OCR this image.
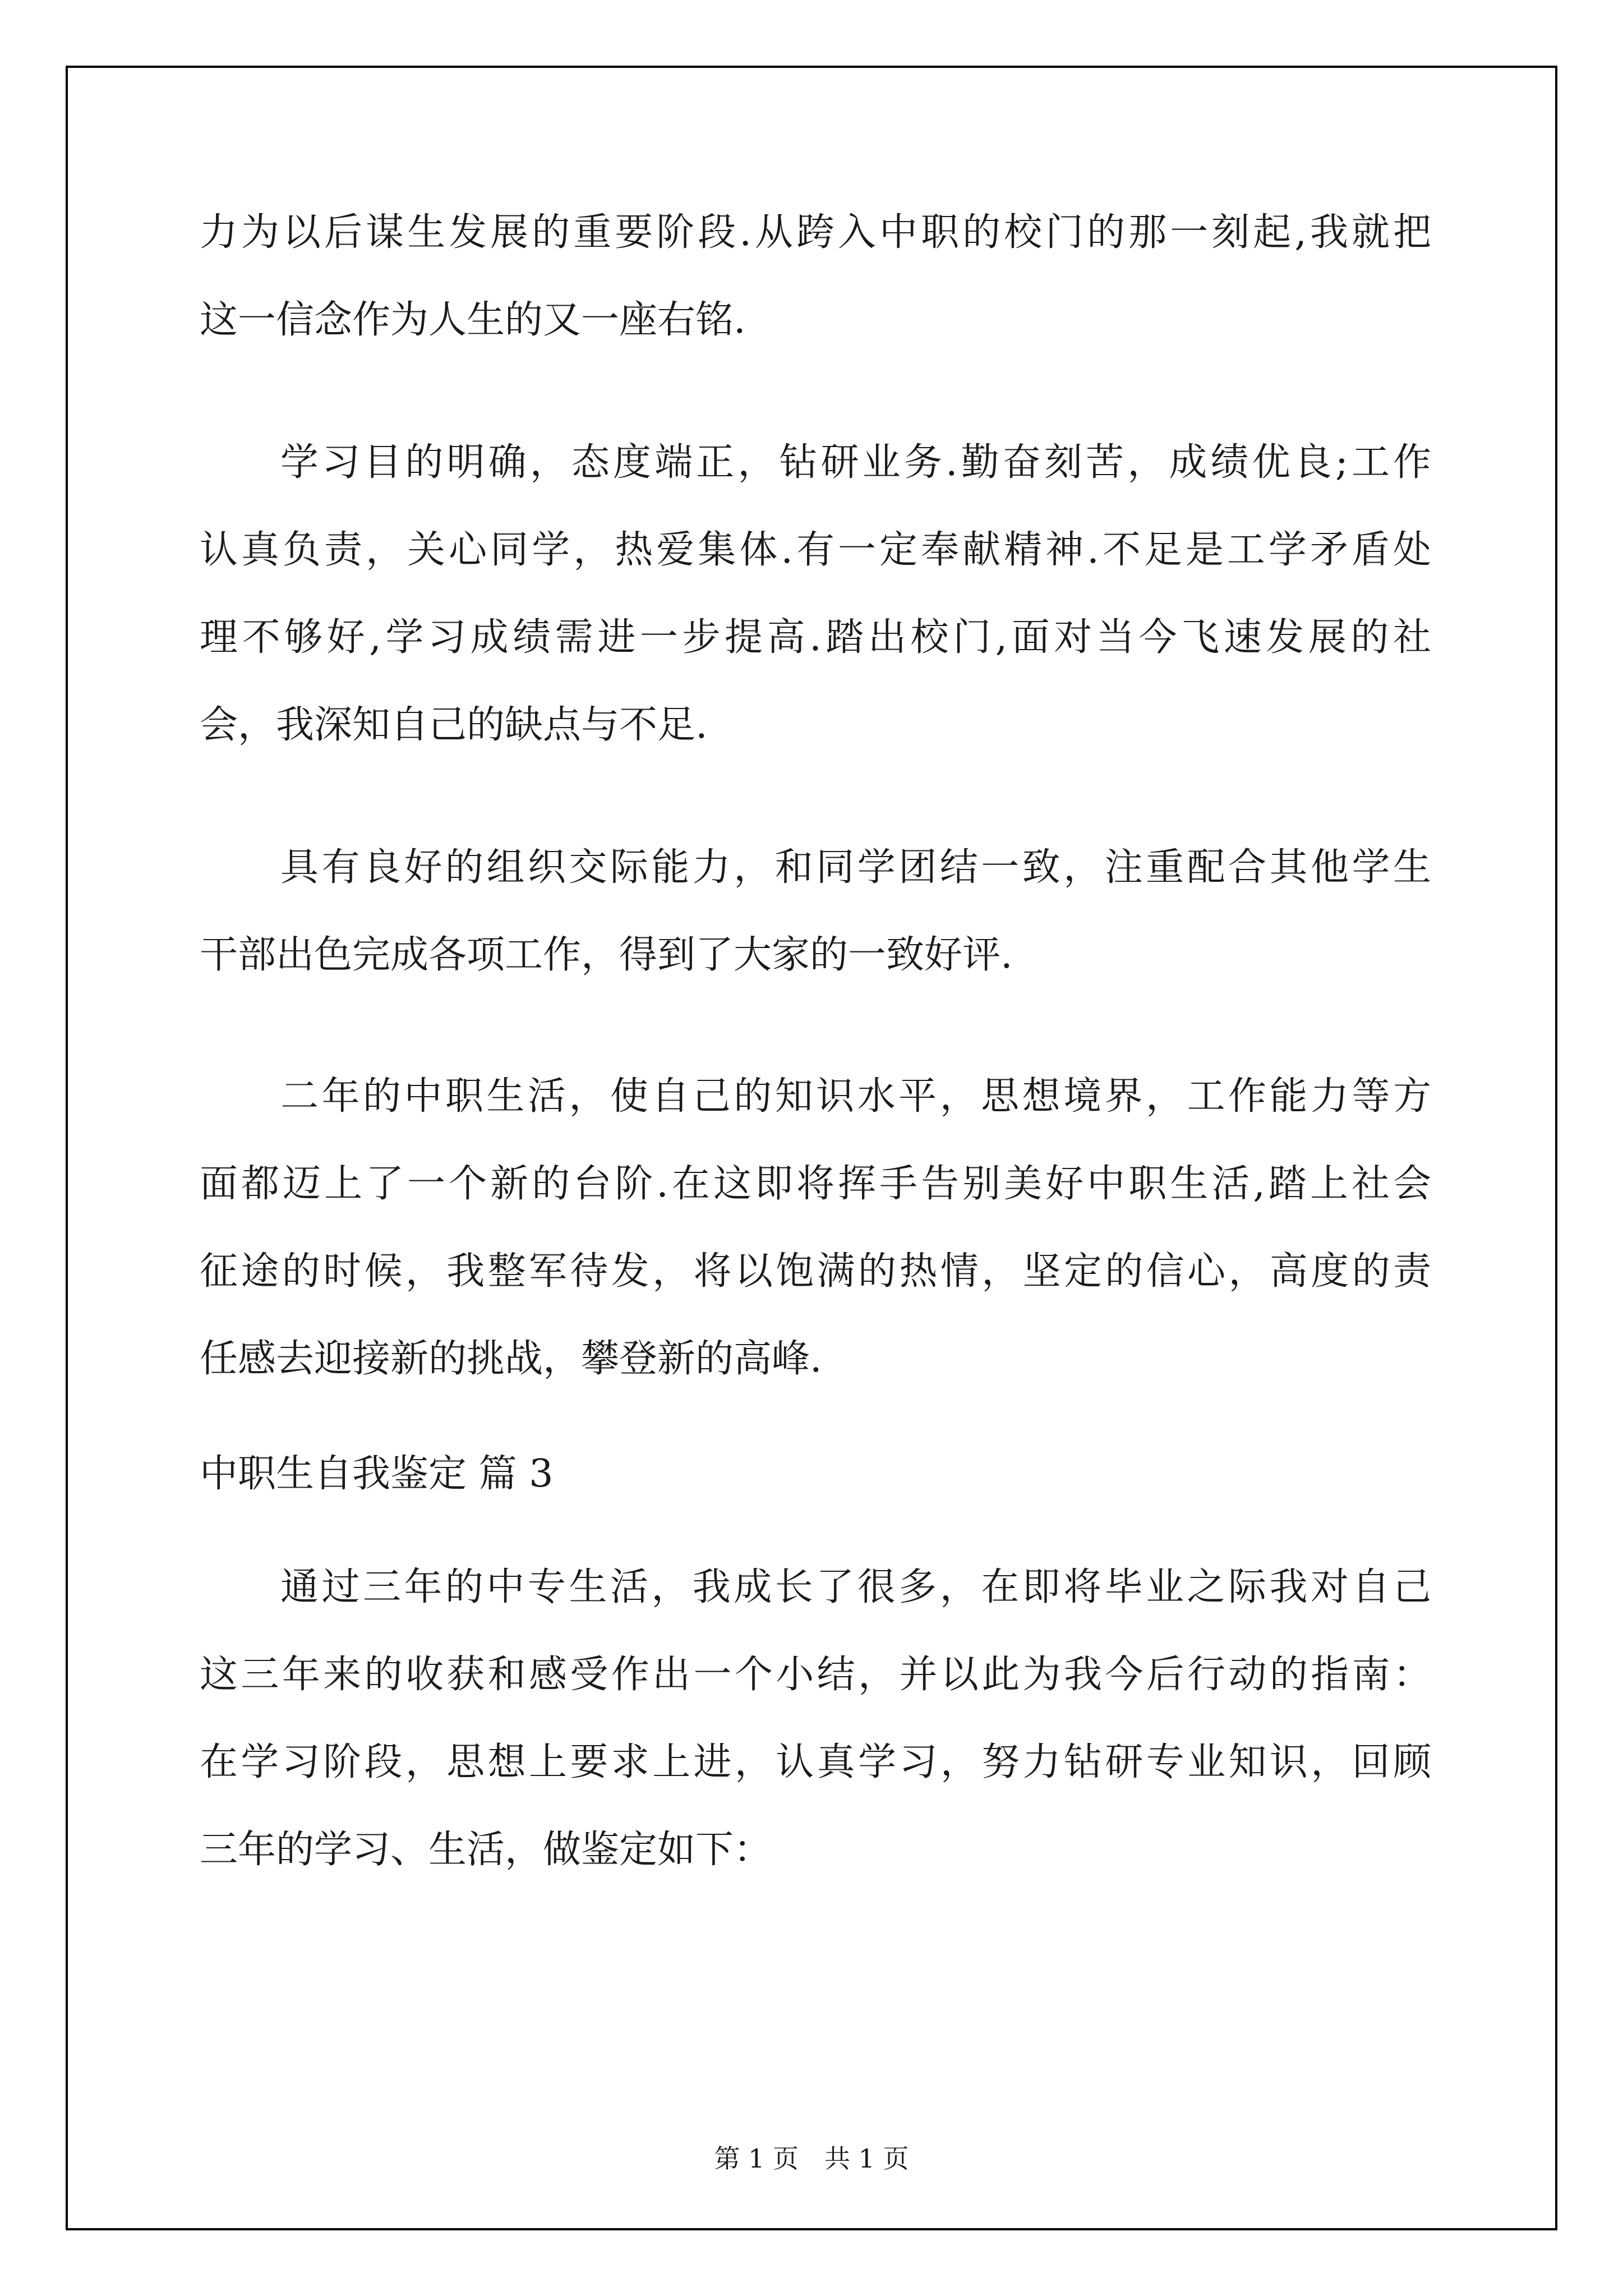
力为以后谋生发展的重要阶段.从跨入中职的校门的那一刻起,我就把

这一信念作为人生的又一座右铭.

学习目的明确，态度端正，钻研业务.勤奋刻苦，成绩优良;工作

认真负责，关心同学，热爱集体.有一定奉献精神.不足是工学矛盾处

理不够好,学习成绩需进一步提高.踏出校门,面对当今飞速发展的社

会，我深知自己的缺点与不足.

具有良好的组织交际能力，和同学团结一致，注重配合其他学生

干部出色完成各项工作，得到了大家的一致好评.

二年的中职生活，使自己的知识水平，思想境界，工作能力等方

面都迈上了一个新的台阶.在这即将挥手告别美好中职生活,踏上社会

征途的时候，我整军待发，将以饱满的热情，坚定的信心，高度的责

任感去迎接新的挑战，攀登新的高峰.

中职生自我鉴定 篇 3

通过三年的中专生活，我成长了很多，在即将毕业之际我对自己

这三年来的收获和感受作出一个小结，并以此为我今后行动的指南：

在学习阶段，思想上要求上进，认真学习，努力钻研专业知识，回顾

三年的学习、生活，做鉴定如下：

第 1 页　共 1 页
